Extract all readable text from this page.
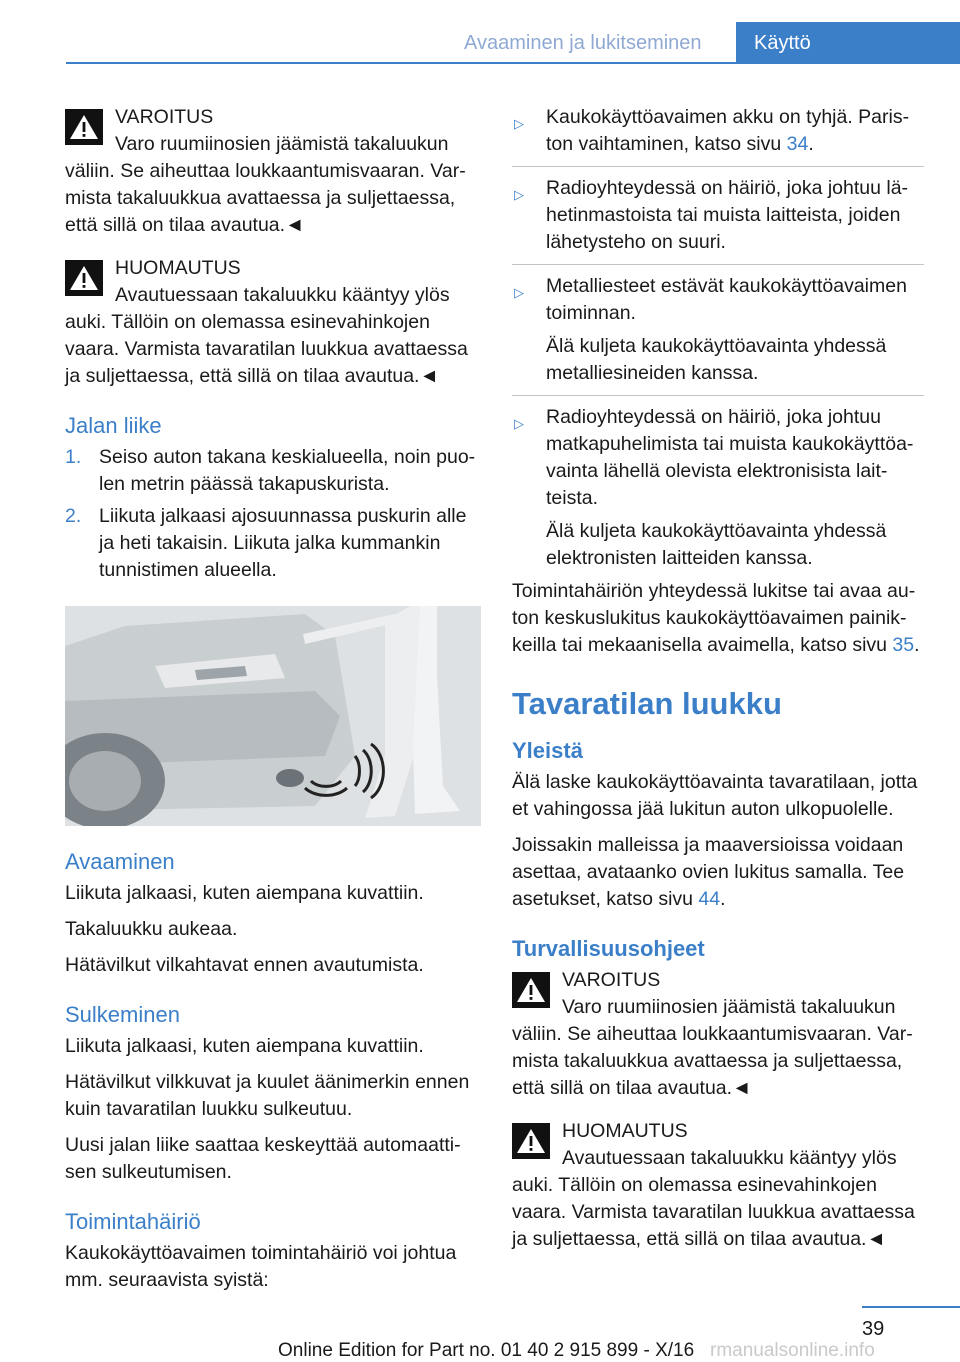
Avaaminen ja lukitseminen	Käyttö
VAROITUS
Varo ruumiinosien jäämistä takaluukun
väliin. Se aiheuttaa loukkaantumisvaaran. Var-mista takaluukkua avattaessa ja suljettaessa, että sillä on tilaa avautua.◄
HUOMAUTUS
Avautuessaan takaluukku kääntyy ylös
auki. Tällöin on olemassa esinevahinkojen vaara. Varmista tavaratilan luukkua avattaessa ja suljettaessa, että sillä on tilaa avautua.◄
Jalan liike
1. Seiso auton takana keskialueella, noin puo-len metrin päässä takapuskurista.
2. Liikuta jalkaasi ajosuunnassa puskurin alle ja heti takaisin. Liikuta jalka kummankin tunnistimen alueella.
Avaaminen

Liikuta jalkaasi, kuten aiempana kuvattiin.

Takaluukku aukeaa.

Hätävilkut vilkahtavat ennen avautumista.

Sulkeminen

Liikuta jalkaasi, kuten aiempana kuvattiin.

Hätävilkut vilkkuvat ja kuulet äänimerkin ennen kuin tavaratilan luukku sulkeutuu.

Uusi jalan liike saattaa keskeyttää automaatti-sen sulkeutumisen.

Toimintahäiriö

Kaukokäyttöavaimen toimintahäiriö voi johtua mm. seuraavista syistä:

▷ Kaukokäyttöavaimen akku on tyhjä. Paris-ton vaihtaminen, katso sivu 34.
▷ Radioyhteydessä on häiriö, joka johtuu lä-hetinmastoista tai muista laitteista, joiden lähetysteho on suuri.
▷ Metalliesteet estävät kaukokäyttöavaimen toiminnan.
Älä kuljeta kaukokäyttöavainta yhdessä metalliesineiden kanssa.
▷ Radioyhteydessä on häiriö, joka johtuu matkapuhelimista tai muista kaukokäyttöa-vainta lähellä olevista elektronisista lait-teista.
Älä kuljeta kaukokäyttöavainta yhdessä elektronisten laitteiden kanssa.

Toimintahäiriön yhteydessä lukitse tai avaa au-ton keskuslukitus kaukokäyttöavaimen painik-keilla tai mekaanisella avaimella, katso sivu 35.

Tavaratilan luukku
Yleistä

Älä laske kaukokäyttöavainta tavaratilaan, jotta et vahingossa jää lukitun auton ulkopuolelle.

Joissakin malleissa ja maaversioissa voidaan asettaa, avataanko ovien lukitus samalla. Tee asetukset, katso sivu 44.

Turvallisuusohjeet
VAROITUS
Varo ruumiinosien jäämistä takaluukun
väliin. Se aiheuttaa loukkaantumisvaaran. Var-mista takaluukkua avattaessa ja suljettaessa, että sillä on tilaa avautua.◄
HUOMAUTUS
Avautuessaan takaluukku kääntyy ylös
auki. Tällöin on olemassa esinevahinkojen vaara. Varmista tavaratilan luukkua avattaessa ja suljettaessa, että sillä on tilaa avautua.◄
39
Online Edition for Part no. 01 40 2 915 899 - X/16 rmanualsonline.info
